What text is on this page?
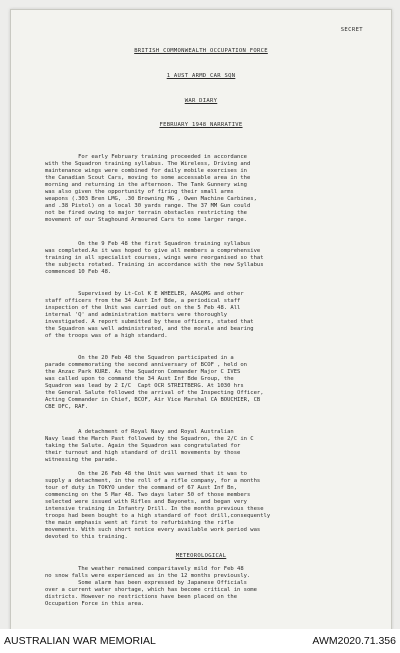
SECRET
BRITISH COMMONWEALTH OCCUPATION FORCE
1 AUST ARMD CAR SQN
WAR DIARY
FEBRUARY 1948 NARRATIVE
For early February training proceeded in accordance
with the Squadron training syllabus. The Wireless, Driving and
maintenance wings were combined for daily mobile exercises in
the Canadian Scout Cars, moving to some accessable area in the
morning and returning in the afternoon. The Tank Gunnery wing
was also given the opportunity of firing their small arms
weapons (.303 Bren LMG, .30 Browning MG , Owen Machine Carbines,
and .38 Pistol) on a local 30 yards range. The 37 MM Gun could
not be fired owing to major terrain obstacles restricting the
movement of our Staghound Armoured Cars to some larger range.
On the 9 Feb 48 the first Squadron training syllabus
was completed.As it was hoped to give all members a comprehensive
training in all specialist courses, wings were reorganised so that
the subjects rotated. Training in accordance with the new Syllabus
commenced 10 Feb 48.
Supervised by Lt-Col K E WHEELER, AA&QMG and other
staff officers from the 34 Aust Inf Bde, a periodical staff
inspection of the Unit was carried out on the 5 Feb 48. All
internal 'Q' and administration matters were thoroughly
investigated. A report submitted by these officers, stated that
the Squadron was well administrated, and the morale and bearing
of the troops was of a high standard.
On the 20 Feb 48 the Squadron participated in a
parade commemorating the second anniversary of BCOF , held on
the Anzac Park KURE. As the Squadron Commander Major C IVES
was called upon to command the 34 Aust Inf Bde Group, the
Squadron was lead by 2 I/C  Capt OCR STREITBERG. At 1030 hrs
the General Salute followed the arrival of the Inspecting Officer,
Acting Commander in Chief, BCOF, Air Vice Marshal CA BOUCHIER, CB
CBE DFC, RAF.
A detachment of Royal Navy and Royal Australian
Navy lead the March Past followed by the Squadron, the 2/C in C
taking the Salute. Again the Squadron was congratulated for
their turnout and high standard of drill movements by those
witnessing the parade.
On the 26 Feb 48 the Unit was warned that it was to
supply a detachment, in the roll of a rifle company, for a months
tour of duty in TOKYO under the command of 67 Aust Inf Bn,
commencing on the 5 Mar 48. Two days later 50 of those members
selected were issued with Rifles and Bayonets, and began very
intensive training in Infantry Drill. In the months previous these
troops had been bought to a high standard of foot drill,consequently
the main emphasis went at first to refurbishing the rifle
movements. With such short notice every available work period was
devoted to this training.
METEOROLOGICAL
The weather remained comparitavely mild for Feb 48
no snow falls were experienced as in the 12 months previously.
Some alarm has been expressed by Japanese Officials
over a current water shortage, which has become critical in some
districts. However no restrictions have been placed on the
Occupation Force in this area.
AUSTRALIAN WAR MEMORIAL	AWM2020.71.356
